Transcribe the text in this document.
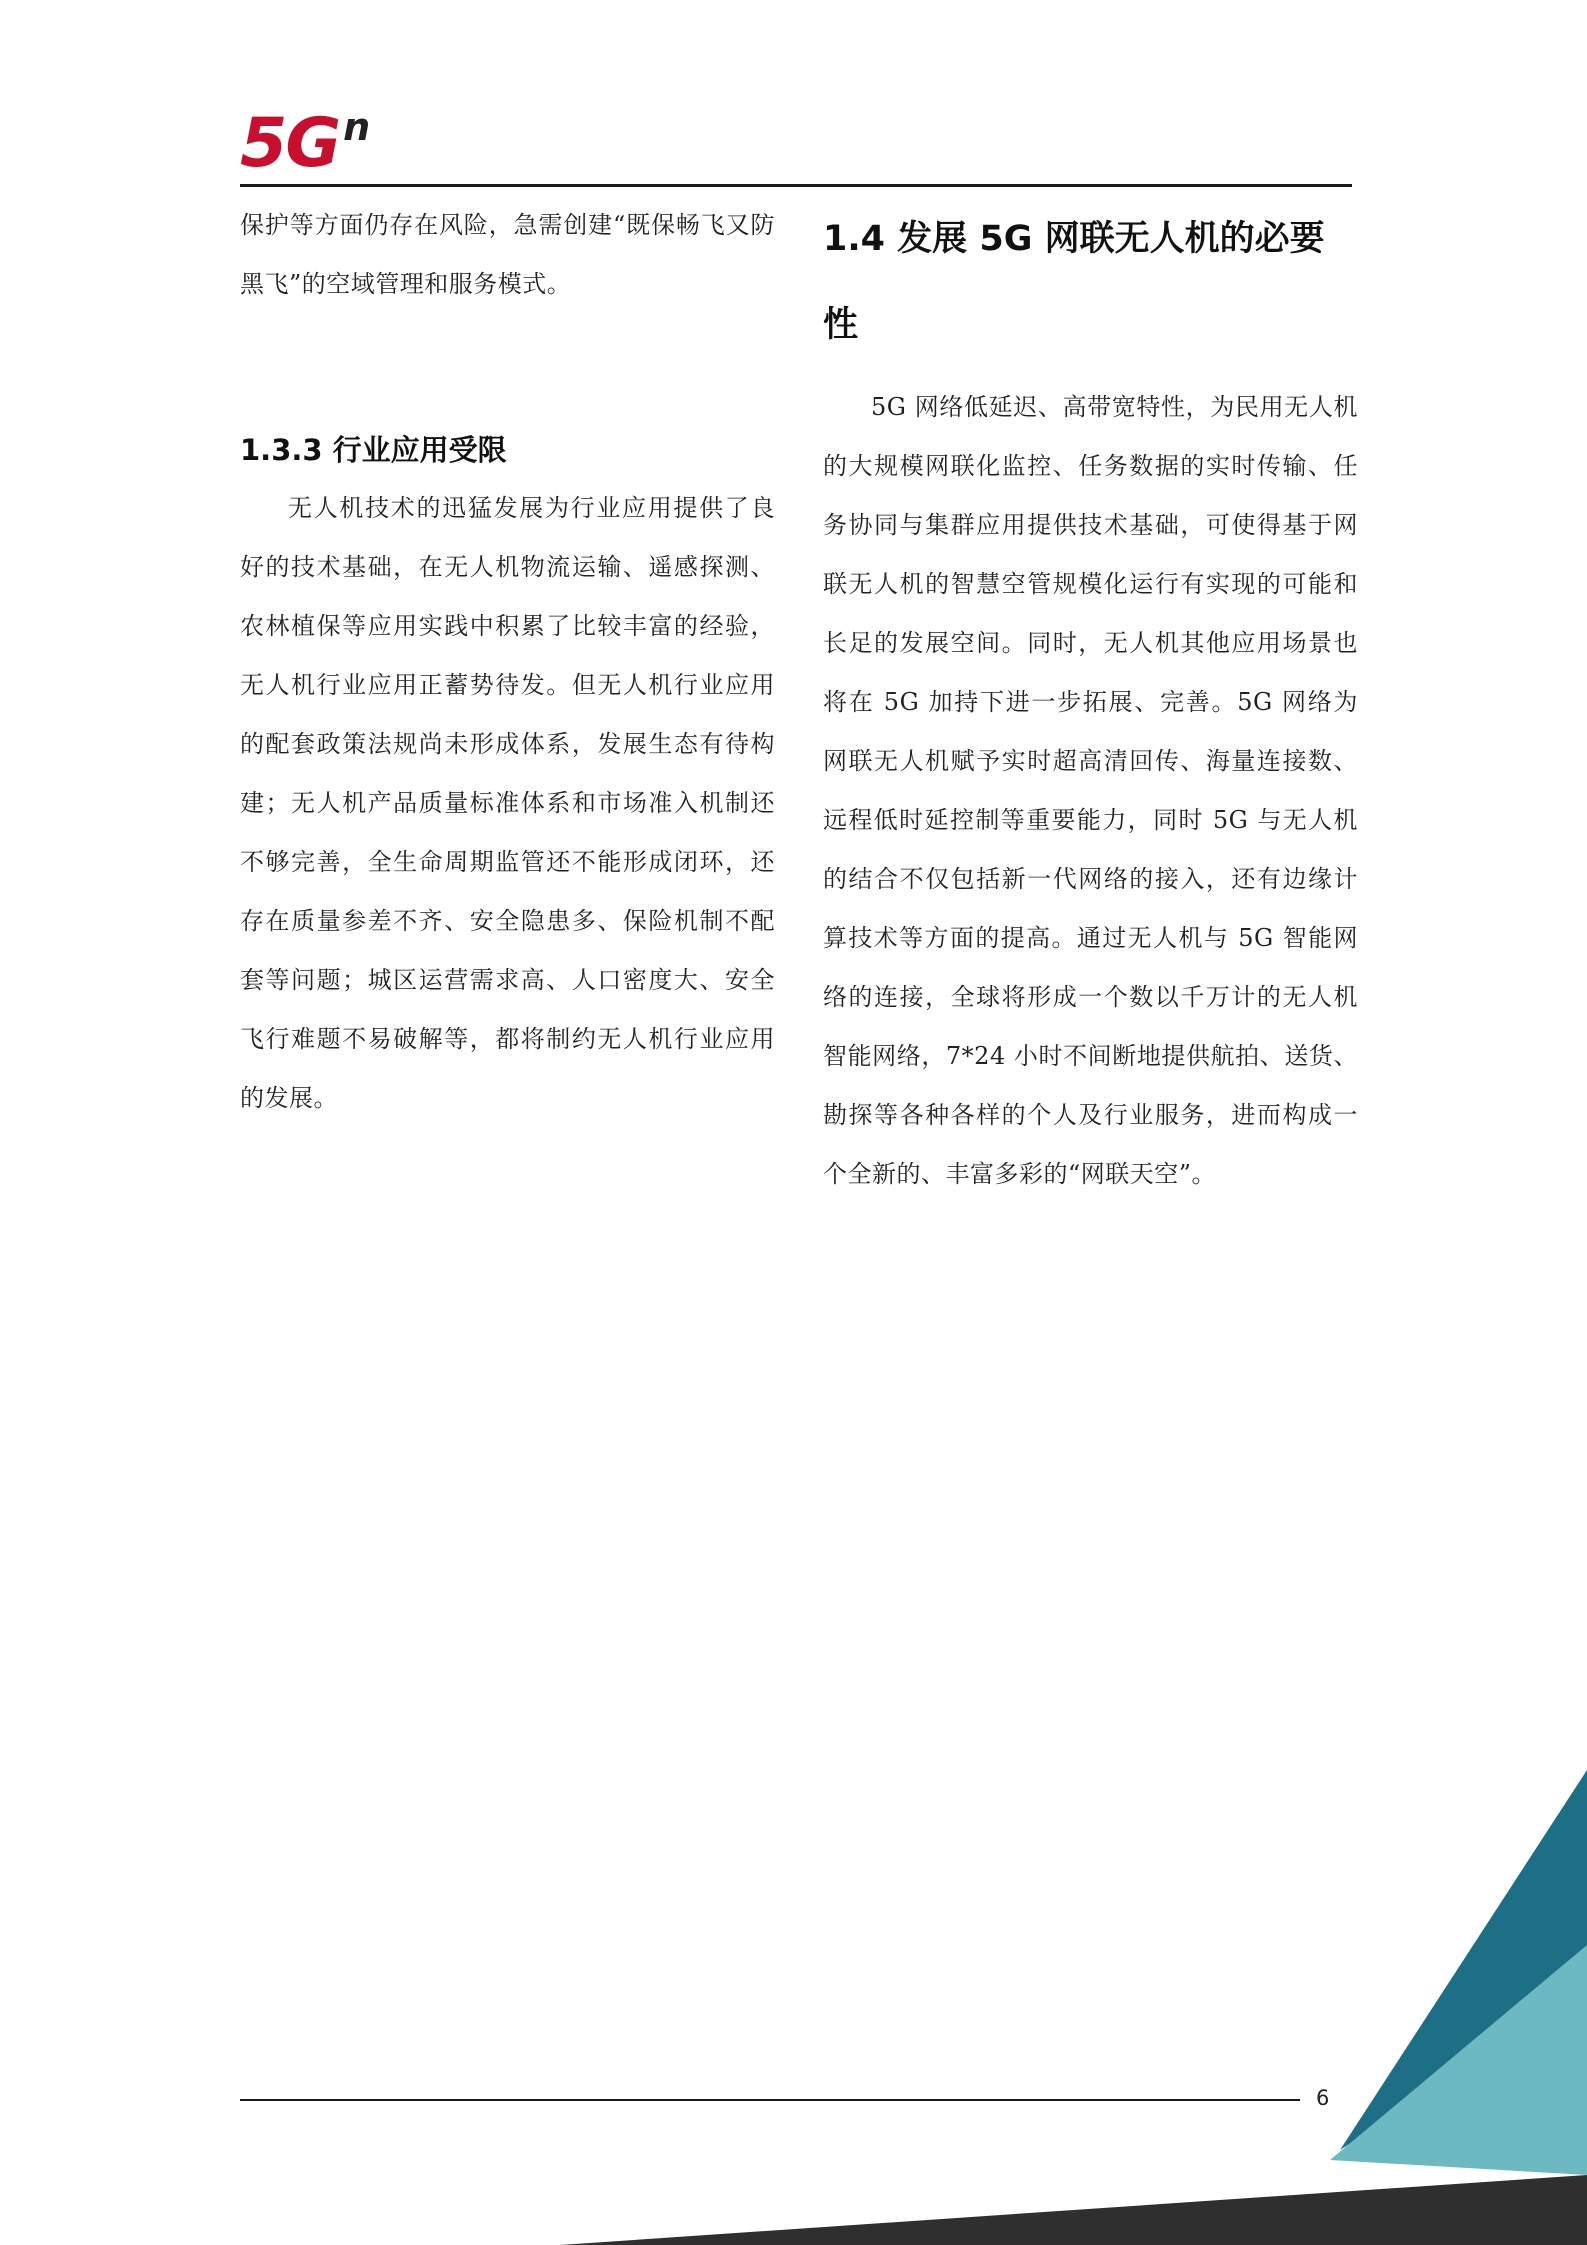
5G n

保护等方面仍存在风险，急需创建“既保畅飞又防黑飞”的空域管理和服务模式。

1.3.3 行业应用受限

无人机技术的迅猛发展为行业应用提供了良好的技术基础，在无人机物流运输、遥感探测、农林植保等应用实践中积累了比较丰富的经验，无人机行业应用正蓄势待发。但无人机行业应用的配套政策法规尚未形成体系，发展生态有待构建；无人机产品质量标准体系和市场准入机制还不够完善，全生命周期监管还不能形成闭环，还存在质量参差不齐、安全隐患多、保险机制不配套等问题；城区运营需求高、人口密度大、安全飞行难题不易破解等，都将制约无人机行业应用的发展。

1.4 发展 5G 网联无人机的必要性

5G 网络低延迟、高带宽特性，为民用无人机的大规模网联化监控、任务数据的实时传输、任务协同与集群应用提供技术基础，可使得基于网联无人机的智慧空管规模化运行有实现的可能和长足的发展空间。同时，无人机其他应用场景也将在 5G 加持下进一步拓展、完善。5G 网络为网联无人机赋予实时超高清回传、海量连接数、远程低时延控制等重要能力，同时 5G 与无人机的结合不仅包括新一代网络的接入，还有边缘计算技术等方面的提高。通过无人机与 5G 智能网络的连接，全球将形成一个数以千万计的无人机智能网络，7*24 小时不间断地提供航拍、送货、勘探等各种各样的个人及行业服务，进而构成一个全新的、丰富多彩的“网联天空”。

6
